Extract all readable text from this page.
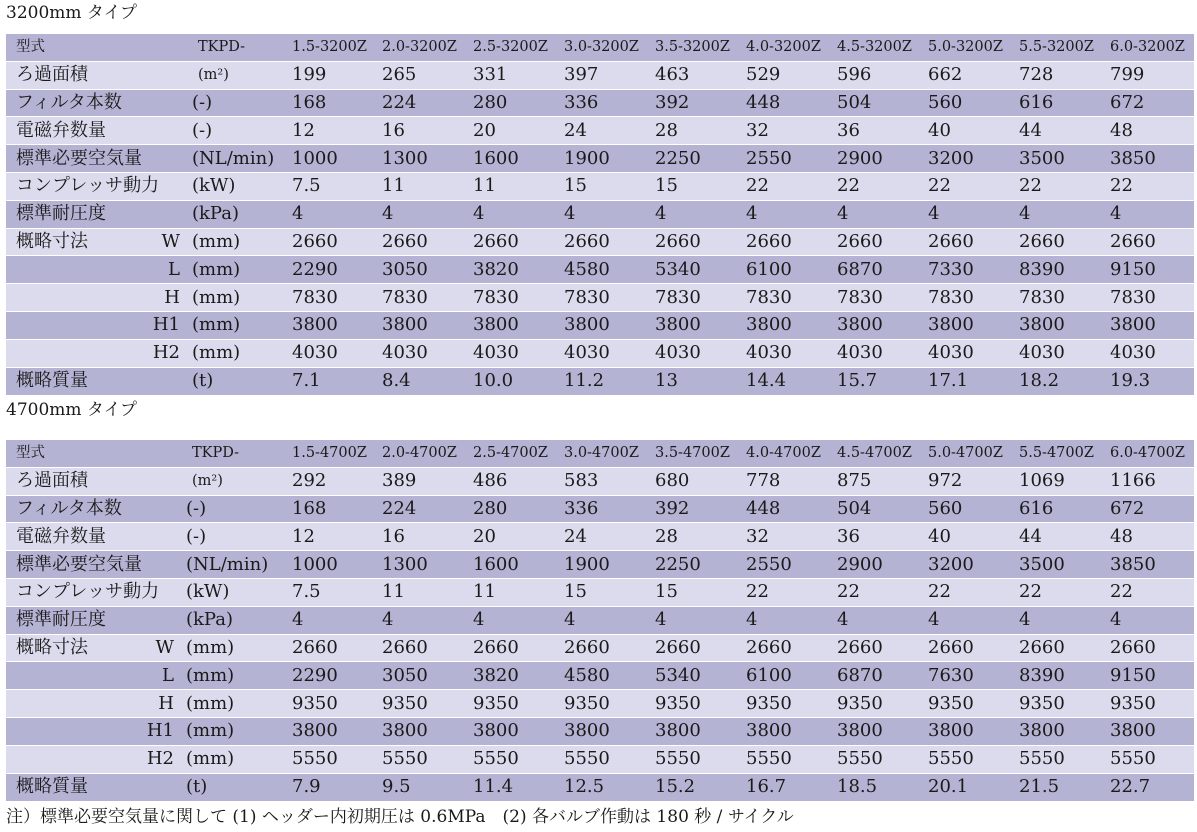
3200mm タイプ
型式		TKPD-	1.5-3200Z	2.0-3200Z	2.5-3200Z	3.0-3200Z	3.5-3200Z	4.0-3200Z	4.5-3200Z	5.0-3200Z	5.5-3200Z	6.0-3200Z
ろ過面積		(m²)	199	265	331	397	463	529	596	662	728	799
フィルタ本数		(-)	168	224	280	336	392	448	504	560	616	672
電磁弁数量		(-)	12	16	20	24	28	32	36	40	44	48
標準必要空気量		(NL/min)	1000	1300	1600	1900	2250	2550	2900	3200	3500	3850
コンプレッサ動力		(kW)	7.5	11	11	15	15	22	22	22	22	22
標準耐圧度		(kPa)	4	4	4	4	4	4	4	4	4	4
概略寸法	W	(mm)	2660	2660	2660	2660	2660	2660	2660	2660	2660	2660
	L	(mm)	2290	3050	3820	4580	5340	6100	6870	7330	8390	9150
	H	(mm)	7830	7830	7830	7830	7830	7830	7830	7830	7830	7830
	H1	(mm)	3800	3800	3800	3800	3800	3800	3800	3800	3800	3800
	H2	(mm)	4030	4030	4030	4030	4030	4030	4030	4030	4030	4030
概略質量		(t)	7.1	8.4	10.0	11.2	13	14.4	15.7	17.1	18.2	19.3
4700mm タイプ
型式		TKPD-	1.5-4700Z	2.0-4700Z	2.5-4700Z	3.0-4700Z	3.5-4700Z	4.0-4700Z	4.5-4700Z	5.0-4700Z	5.5-4700Z	6.0-4700Z
ろ過面積		(m²)	292	389	486	583	680	778	875	972	1069	1166
フィルタ本数		(-)	168	224	280	336	392	448	504	560	616	672
電磁弁数量		(-)	12	16	20	24	28	32	36	40	44	48
標準必要空気量		(NL/min)	1000	1300	1600	1900	2250	2550	2900	3200	3500	3850
コンプレッサ動力		(kW)	7.5	11	11	15	15	22	22	22	22	22
標準耐圧度		(kPa)	4	4	4	4	4	4	4	4	4	4
概略寸法	W	(mm)	2660	2660	2660	2660	2660	2660	2660	2660	2660	2660
	L	(mm)	2290	3050	3820	4580	5340	6100	6870	7630	8390	9150
	H	(mm)	9350	9350	9350	9350	9350	9350	9350	9350	9350	9350
	H1	(mm)	3800	3800	3800	3800	3800	3800	3800	3800	3800	3800
	H2	(mm)	5550	5550	5550	5550	5550	5550	5550	5550	5550	5550
概略質量		(t)	7.9	9.5	11.4	12.5	15.2	16.7	18.5	20.1	21.5	22.7
注）標準必要空気量に関して (1) ヘッダー内初期圧は 0.6MPa　(2) 各バルブ作動は 180 秒 / サイクル
